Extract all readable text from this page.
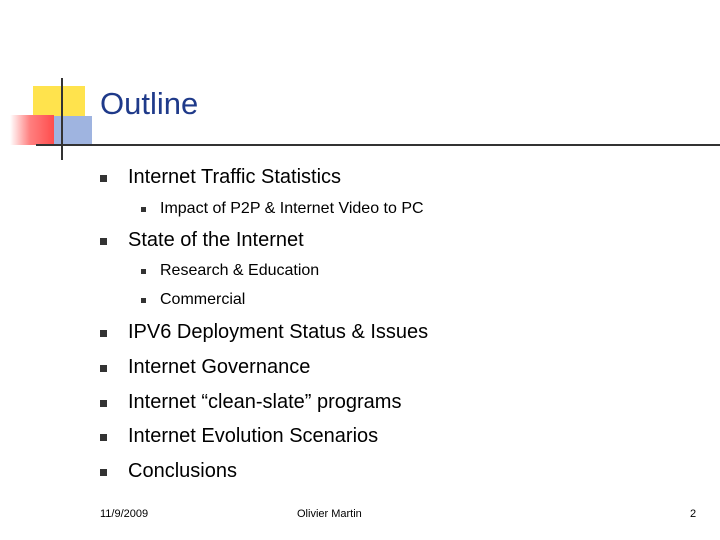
Outline
Internet Traffic Statistics
Impact of P2P & Internet Video to PC
State of the Internet
Research & Education
Commercial
IPV6 Deployment Status & Issues
Internet Governance
Internet “clean-slate” programs
Internet Evolution Scenarios
Conclusions
11/9/2009	Olivier Martin	2
